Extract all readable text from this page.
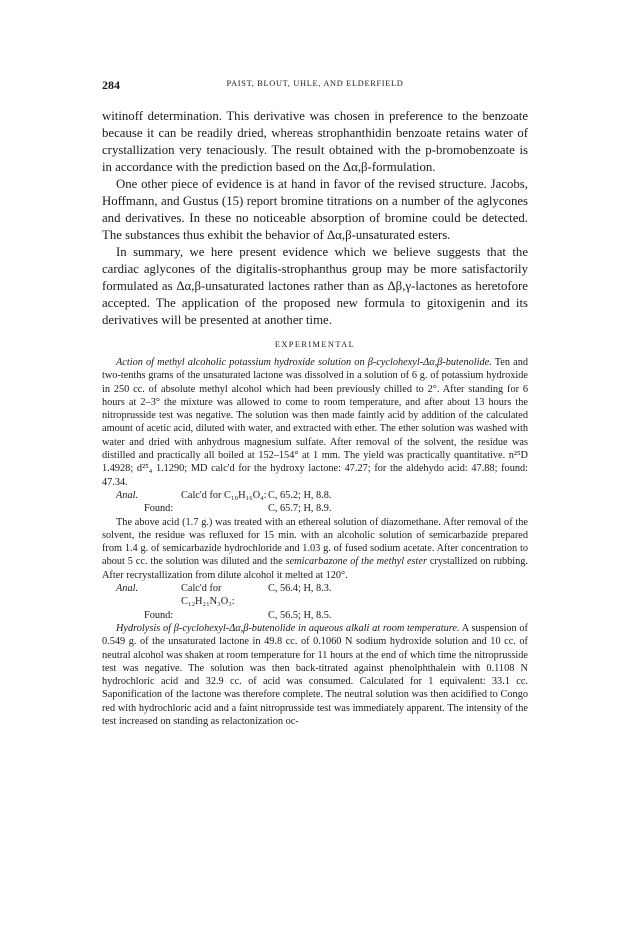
284	PAIST, BLOUT, UHLE, AND ELDERFIELD

witinoff determination. This derivative was chosen in preference to the benzoate because it can be readily dried, whereas strophanthidin benzoate retains water of crystallization very tenaciously. The result obtained with the p-bromobenzoate is in accordance with the prediction based on the Δα,β-formulation.

One other piece of evidence is at hand in favor of the revised structure. Jacobs, Hoffmann, and Gustus (15) report bromine titrations on a number of the aglycones and derivatives. In these no noticeable absorption of bromine could be detected. The substances thus exhibit the behavior of Δα,β-unsaturated esters.

In summary, we here present evidence which we believe suggests that the cardiac aglycones of the digitalis-strophanthus group may be more satisfactorily formulated as Δα,β-unsaturated lactones rather than as Δβ,γ-lactones as heretofore accepted. The application of the proposed new formula to gitoxigenin and its derivatives will be presented at another time.

EXPERIMENTAL

Action of methyl alcoholic potassium hydroxide solution on β-cyclohexyl-Δα,β-butenolide. Ten and two-tenths grams of the unsaturated lactone was dissolved in a solution of 6 g. of potassium hydroxide in 250 cc. of absolute methyl alcohol which had been previously chilled to 2°. After standing for 6 hours at 2–3° the mixture was allowed to come to room temperature, and after about 13 hours the nitroprusside test was negative. The solution was then made faintly acid by addition of the calculated amount of acetic acid, diluted with water, and extracted with ether. The ether solution was washed with water and dried with anhydrous magnesium sulfate. After removal of the solvent, the residue was distilled and practically all boiled at 152–154° at 1 mm. The yield was practically quantitative. n²⁵D 1.4928; d²⁵₄ 1.1290; MD calc'd for the hydroxy lactone: 47.27; for the aldehydo acid: 47.88; found: 47.34.

Anal.	Calc'd for C₁₀H₁₆O₄: C, 65.2; H, 8.8.
Found:	C, 65.7; H, 8.9.

The above acid (1.7 g.) was treated with an ethereal solution of diazomethane. After removal of the solvent, the residue was refluxed for 15 min. with an alcoholic solution of semicarbazide prepared from 1.4 g. of semicarbazide hydrochloride and 1.03 g. of fused sodium acetate. After concentration to about 5 cc. the solution was diluted and the semicarbazone of the methyl ester crystallized on rubbing. After recrystallization from dilute alcohol it melted at 120°.

Anal.	Calc'd for C₁₂H₂₁N₃O₃:
C, 56.4; H, 8.3.
Found:	C, 56.5; H, 8.5.

Hydrolysis of β-cyclohexyl-Δα,β-butenolide in aqueous alkali at room temperature. A suspension of 0.549 g. of the unsaturated lactone in 49.8 cc. of 0.1060 N sodium hydroxide solution and 10 cc. of neutral alcohol was shaken at room temperature for 11 hours at the end of which time the nitroprusside test was negative. The solution was then back-titrated against phenolphthalein with 0.1108 N hydrochloric acid and 32.9 cc. of acid was consumed. Calculated for 1 equivalent: 33.1 cc. Saponification of the lactone was therefore complete. The neutral solution was then acidified to Congo red with hydrochloric acid and a faint nitroprusside test was immediately apparent. The intensity of the test increased on standing as relactonization oc-
